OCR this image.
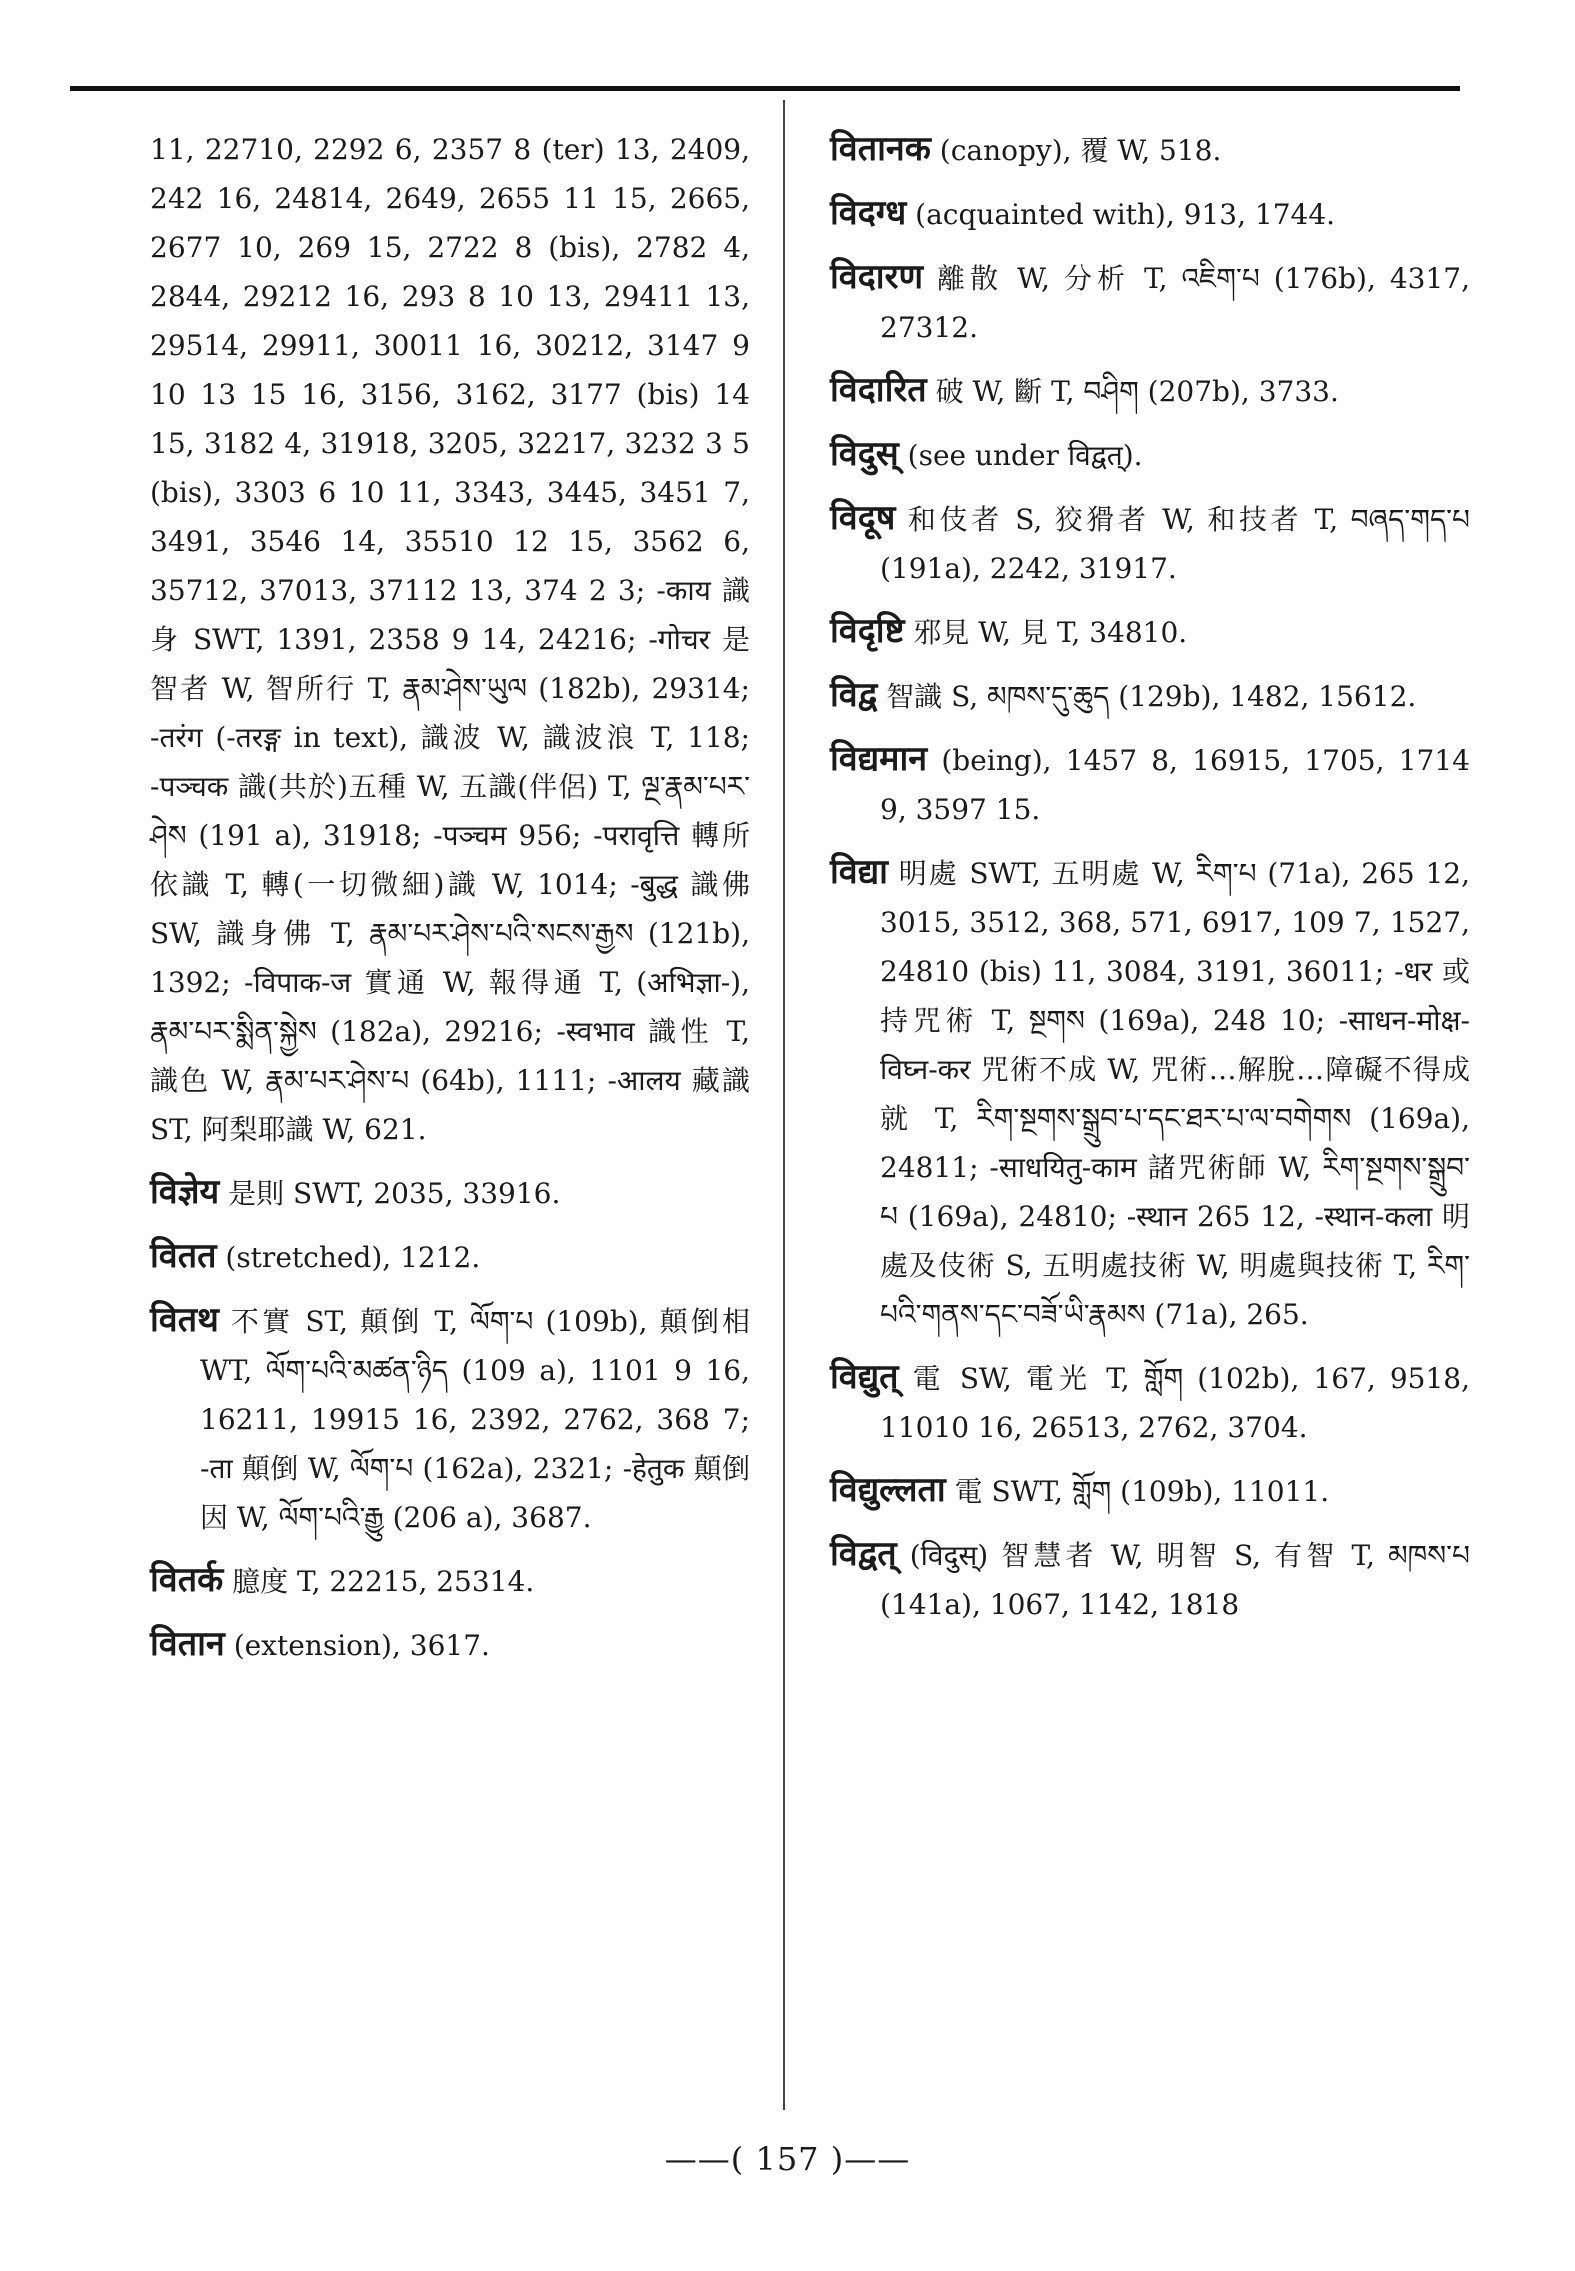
11, 22710, 2292 6, 2357 8 (ter) 13, 2409, 242 16, 24814, 2649, 2655 11 15, 2665, 2677 10, 269 15, 2722 8 (bis), 2782 4, 2844, 29212 16, 293 8 10 13, 29411 13, 29514, 29911, 30011 16, 30212, 3147 9 10 13 15 16, 3156, 3162, 3177 (bis) 14 15, 3182 4, 31918, 3205, 32217, 3232 3 5 (bis), 3303 6 10 11, 3343, 3445, 3451 7, 3491, 3546 14, 35510 12 15, 3562 6, 35712, 37013, 37112 13, 374 2 3; -काय 識身 SWT, 1391, 2358 9 14, 24216; -गोचर 是智者 W, 智所行 T, རྣམ་ཤེས་ཡུལ (182b), 29314; -तरंग (-तरङ्ग in text), 識波 W, 識波浪 T, 118; -पञ्चक 識(共於)五種 W, 五識(伴侶) T, ལྔ་རྣམ་པར་ཤེས (191 a), 31918; -पञ्चम 956; -परावृत्ति 轉所依識 T, 轉(一切微細)識 W, 1014; -बुद्ध 識佛 SW, 識身佛 T, རྣམ་པར་ཤེས་པའི་སངས་རྒྱས (121b), 1392; -विपाक-ज 實通 W, 報得通 T, (अभिज्ञा-), རྣམ་པར་སྨིན་སྐྱེས (182a), 29216; -स्वभाव 識性 T, 識色 W, རྣམ་པར་ཤེས་པ (64b), 1111; -आलय 藏識 ST, 阿梨耶識 W, 621.

विज्ञेय 是則 SWT, 2035, 33916.

वितत (stretched), 1212.

वितथ 不實 ST, 顛倒 T, ལོག་པ (109b), 顛倒相 WT, ལོག་པའི་མཚན་ཉིད (109 a), 1101 9 16, 16211, 19915 16, 2392, 2762, 368 7; -ता 顛倒 W, ལོག་པ (162a), 2321; -हेतुक 顛倒因 W, ལོག་པའི་རྒྱུ (206 a), 3687.

वितर्क 臆度 T, 22215, 25314.

वितान (extension), 3617.

वितानक (canopy), 覆 W, 518.

विदग्ध (acquainted with), 913, 1744.

विदारण 離散 W, 分析 T, འཇིག་པ (176b), 4317, 27312.

विदारित 破 W, 斷 T, བཤིག (207b), 3733.

विदुस् (see under विद्वत्).

विदूष 和伎者 S, 狡猾者 W, 和技者 T, བཞད་གད་པ (191a), 2242, 31917.

विदृष्टि 邪見 W, 見 T, 34810.

विद्व 智識 S, མཁས་དུ་ཆུད (129b), 1482, 15612.

विद्यमान (being), 1457 8, 16915, 1705, 1714 9, 3597 15.

विद्या 明處 SWT, 五明處 W, རིག་པ (71a), 265 12, 3015, 3512, 368, 571, 6917, 109 7, 1527, 24810 (bis) 11, 3084, 3191, 36011; -धर 或持咒術 T, སྔགས (169a), 248 10; -साधन-मोक्ष-विघ्न-कर 咒術不成 W, 咒術…解脫…障礙不得成就 T, རིག་སྔགས་སྒྲུབ་པ་དང་ཐར་པ་ལ་བགེགས (169a), 24811; -साधयितु-काम 諸咒術師 W, རིག་སྔགས་སྒྲུབ་པ (169a), 24810; -स्थान 265 12, -स्थान-कला 明處及伎術 S, 五明處技術 W, 明處與技術 T, རིག་པའི་གནས་དང་བཟོ་ཡི་རྣམས (71a), 265.

विद्युत् 電 SW, 電光 T, གློག (102b), 167, 9518, 11010 16, 26513, 2762, 3704.

विद्युल्लता 電 SWT, གློག (109b), 11011.

विद्वत् (विदुस्) 智慧者 W, 明智 S, 有智 T, མཁས་པ (141a), 1067, 1142, 1818

——( 157 )——
